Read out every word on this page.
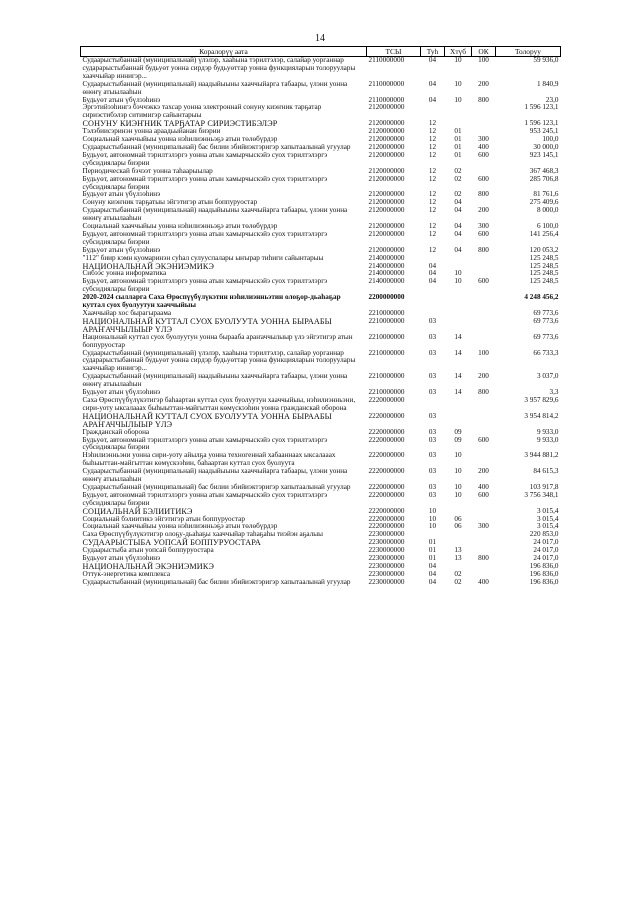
14
Коралорүү аата	ТСЫ	Туһ	Хтүб	ОК	Толоруу
Судаарыстыбаннай (муниципальнай) үлэлэр, хааһына тэрилтэлэр, салайар уорганнар сударарыстыбаннай будьуөт уонна сирдэр будьуөттар уонна функцияларын толоруулары хааччыйар иннигэр...	2110000000	04	10	100	59 936,0
Судаарыстыбаннай (муниципальнай) наадыйыыны хааччыйарга табаары, үлэни уонна өнөҥү атыылааһын	2110000000	04	10	200	1 840,9
Будьуөт атын үбүлээһинэ	2110000000	04	10	800	23,0
Эргэтийээһингэ бэччэккэ тахсар уонна электроннай сонуну киэҥник тарҕатар сириэстибэлэр ситимигэр сайынтарыы	2120000000				1 596 123,1
СОНУНУ КИЭҤНИК ТАРҔАТАР СИРИЭСТИБЭЛЭР	2120000000	12			1 596 123,1
Тэлэбиисэринэн уонна араадьыйанан биэрии	2120000000	12	01		953 245,1
Социальнай хааччыйыы уонна нэһилиэнньэҕэ атын төлөбүрдэр	2120000000	12	01	300	100,0
Судаарыстыбаннай (муниципальнай) бас билии эбийиэктэригэр хапытаалынай угуулар	2120000000	12	01	400	30 000,0
Будьуөт, автономнай тэрилтэлэргэ уонна атын хамырчыскэйэ суох тэрилтэлэргэ субсидиялары биэрии	2120000000	12	01	600	923 145,1
Периодическай бэчээт уонна таһаарыылар	2120000000	12	02		367 468,3
Будьуөт, автономнай тэрилтэлэргэ уонна атын хамырчыскэйэ суох тэрилтэлэргэ субсидиялары биэрии	2120000000	12	02	600	285 706,8
Будьуөт атын үбүлээһинэ	2120000000	12	02	800	81 761,6
Сонуну киэҥник тарҕатыы эйгэтигэр атын боппуруостар	2120000000	12	04		275 409,6
Судаарыстыбаннай (муниципальнай) наадыйыыны хааччыйарга табаары, үлэни уонна өнөҥү атыылааһын	2120000000	12	04	200	8 000,0
Социальнай хааччыйыы уонна нэһилиэнньэҕэ атын төлөбүрдэр	2120000000	12	04	300	6 100,0
Будьуөт, автономнай тэрилтэлэргэ уонна атын хамырчыскэйэ суох тэрилтэлэргэ субсидиялары биэрии	2120000000	12	04	600	141 256,4
Будьуөт атын үбүлээһинэ	2120000000	12	04	800	120 053,2
"112" биир кэмн куомаринэн суһал сулууспалары ыҥырар тиһиги сайынтарыы	2140000000				125 248,5
НАЦИОНАЛЬНАЙ ЭКЭНИЭМИКЭ	2140000000	04			125 248,5
Сибээс уонна информатика	2140000000	04	10		125 248,5
Будьуөт, автономнай тэрилтэлэргэ уонна атын хамырчыскэйэ суох тэрилтэлэргэ субсидиялары биэрии	2140000000	04	10	600	125 248,5
2020-2024 сылларга Саха Өрөспүүбүлүкэтин нэһилиэнньэтин олоҕор-дьаһаҕар куттал суох буолуутун хааччыйыы	2200000000				4 248 456,2
Хааччыйар хос бырагыраама	2210000000				69 773,6
НАЦИОНАЛЬНАЙ КУТТАЛ СУОХ БУОЛУУТА УОННА БЫРААБЫ АРАҤАЧЧЫЛЫЫР ҮЛЭ	2210000000	03			69 773,6
Национальнай куттал суох буолуутун уонна бырааба араҥаччылыыр үлэ эйгэтигэр атын боппуруостар	2210000000	03	14		69 773,6
Судаарыстыбаннай (муниципальнай) үлэлэр, хааһына тэрилтэлэр, салайар уорганнар сударарыстыбаннай будьуөт уонна сирдэр будьуөттар уонна функцияларын толоруулары хааччыйар иннигэр...	2210000000	03	14	100	66 733,3
Судаарыстыбаннай (муниципальнай) наадыйыыны хааччыйарга табаары, үлэни уонна өнөҥү атыылааһын	2210000000	03	14	200	3 037,0
Будьуөт атын үбүлээһинэ	2210000000	03	14	800	3,3
Саха Өрөспүүбүлүкэтигэр баһаартан куттал суох буолуутун хааччыйыы, нэһилиэнньэни, сири-уоту ыксалааах быһыыттан-майгыттан көмүскээһин уонна гражданскай оборона	2220000000				3 957 829,6
НАЦИОНАЛЬНАЙ КУТТАЛ СУОХ БУОЛУУТА УОННА БЫРААБЫ АРАҤАЧЧЫЛЫЫР ҮЛЭ	2220000000	03			3 954 814,2
Гражданскай оборона	2220000000	03	09		9 933,0
Будьуөт, автономнай тэрилтэлэргэ уонна атын хамырчыскэйэ суох тэрилтэлэргэ субсидиялары биэрии	2220000000	03	09	600	9 933,0
Нэһилиэнньэни уонна сири-уоту айылҕа уонна техногеннай хабааннаах ыксалааах быһыыттан-майгыттан көмүскээһин, баһаартан куттал суох буолуута	2220000000	03	10		3 944 881,2
Судаарыстыбаннай (муниципальнай) наадыйыыны хааччыйарга табаары, үлэни уонна өнөҥү атыылааһын	2220000000	03	10	200	84 615,3
Судаарыстыбаннай (муниципальнай) бас билии эбийиэктэригэр хапытаалынай угуулар	2220000000	03	10	400	103 917,8
Будьуөт, автономнай тэрилтэлэргэ уонна атын хамырчыскэйэ суох тэрилтэлэргэ субсидиялары биэрии	2220000000	03	10	600	3 756 348,1
СОЦИАЛЬНАЙ БЭЛИИТИКЭ	2220000000	10			3 015,4
Социальнай бэлиитикэ эйгэтигэр атын боппуруостар	2220000000	10	06		3 015,4
Социальнай хааччыйыы уонна нэһилиэнньэҕэ атын төлөбүрдэр	2220000000	10	06	300	3 015,4
Саха Өрөспүүбүлүкэтигэр олоҕу-дьаһаҕы хааччыйар таһаҕаһы тиэйэн аҕалыы	2230000000				220 853,0
СУДААРЫСТЫБА УОПСАЙ БОППУРУОСТАРА	2230000000	01			24 017,0
Судаарыстыба атын уопсай боппуруостара	2230000000	01	13		24 017,0
Будьуөт атын үбүлээһинэ	2230000000	01	13	800	24 017,0
НАЦИОНАЛЬНАЙ ЭКЭНИЭМИКЭ	2230000000	04			196 836,0
Оттук-энергетика комплекса	2230000000	04	02		196 836,0
Судаарыстыбаннай (муниципальнай) бас билии эбийиэктэригэр хапытаалынай угуулар	2230000000	04	02	400	196 836,0
